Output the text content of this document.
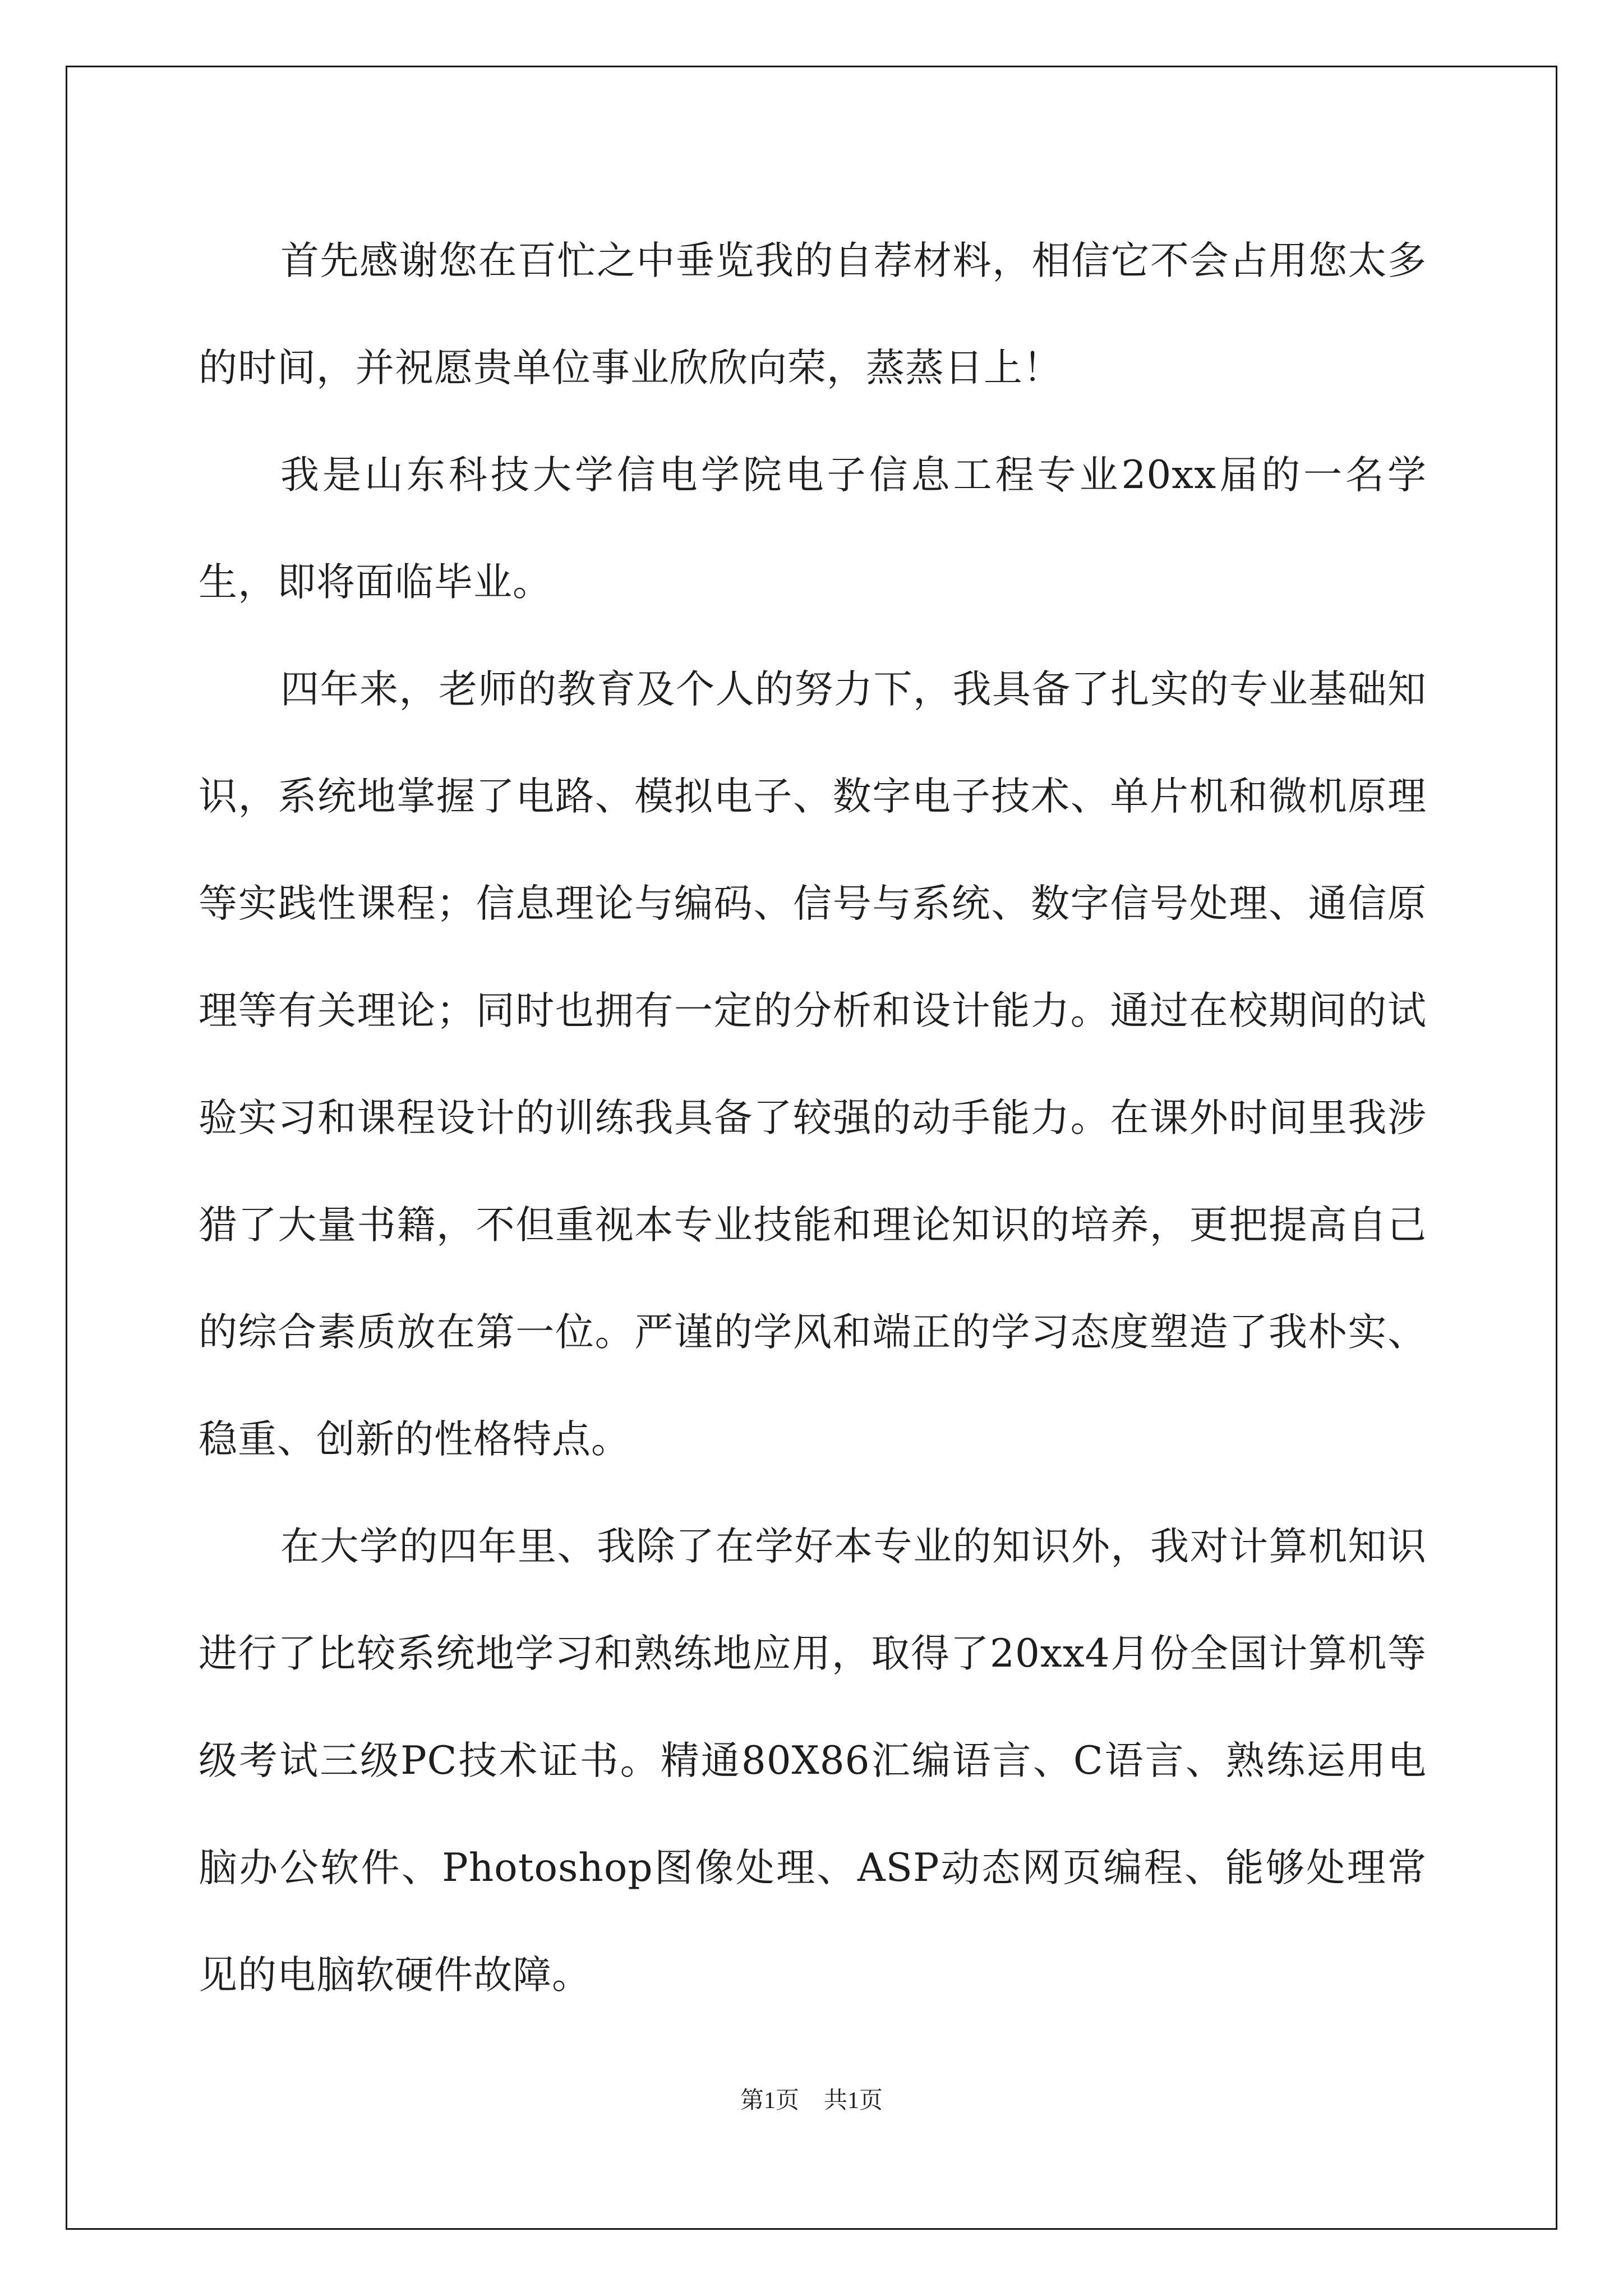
首先感谢您在百忙之中垂览我的自荐材料，相信它不会占用您太多的时间，并祝愿贵单位事业欣欣向荣，蒸蒸日上！

我是山东科技大学信电学院电子信息工程专业20xx届的一名学生，即将面临毕业。

四年来，老师的教育及个人的努力下，我具备了扎实的专业基础知识，系统地掌握了电路、模拟电子、数字电子技术、单片机和微机原理等实践性课程；信息理论与编码、信号与系统、数字信号处理、通信原理等有关理论；同时也拥有一定的分析和设计能力。通过在校期间的试验实习和课程设计的训练我具备了较强的动手能力。在课外时间里我涉猎了大量书籍，不但重视本专业技能和理论知识的培养，更把提高自己的综合素质放在第一位。严谨的学风和端正的学习态度塑造了我朴实、稳重、创新的性格特点。

在大学的四年里、我除了在学好本专业的知识外，我对计算机知识进行了比较系统地学习和熟练地应用，取得了20xx4月份全国计算机等级考试三级PC技术证书。精通80X86汇编语言、C语言、熟练运用电脑办公软件、Photoshop图像处理、ASP动态网页编程、能够处理常见的电脑软硬件故障。

第1页 共1页
